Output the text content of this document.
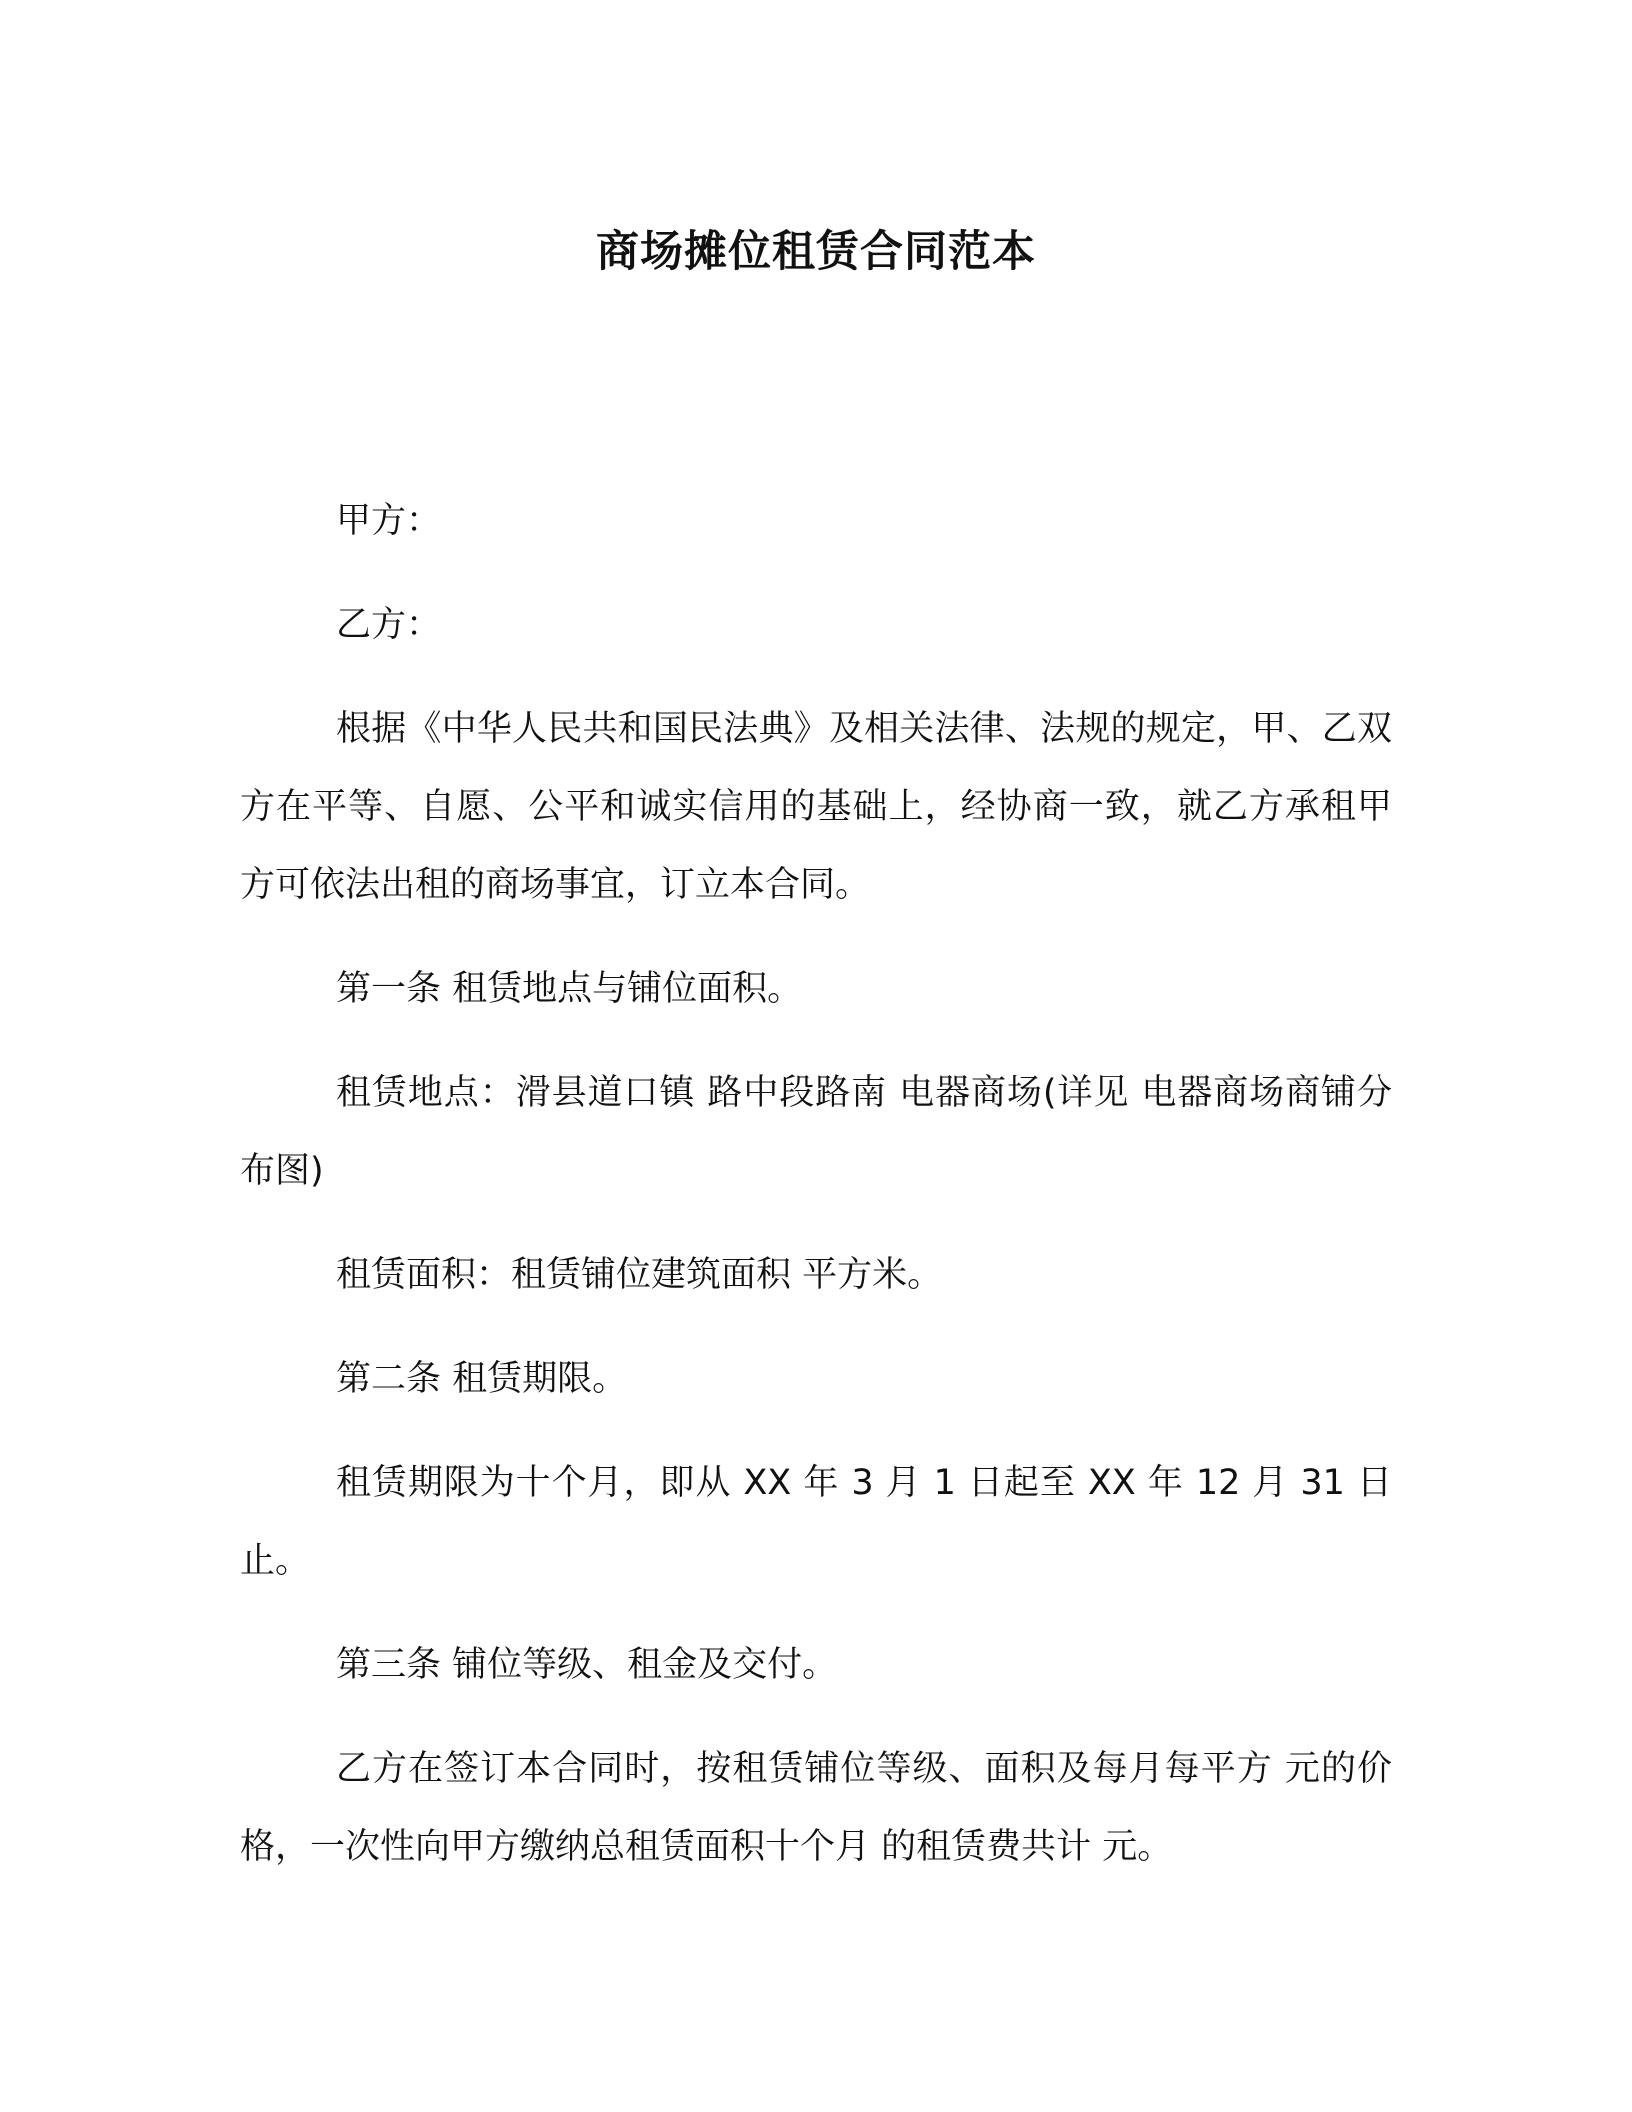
商场摊位租赁合同范本

甲方：

乙方：

根据《中华人民共和国民法典》及相关法律、法规的规定，甲、乙双方在平等、自愿、公平和诚实信用的基础上，经协商一致，就乙方承租甲方可依法出租的商场事宜，订立本合同。

第一条 租赁地点与铺位面积。

租赁地点：滑县道口镇 路中段路南 电器商场(详见 电器商场商铺分布图)

租赁面积：租赁铺位建筑面积 平方米。

第二条 租赁期限。

租赁期限为十个月，即从 XX 年 3 月 1 日起至 XX 年 12 月 31 日止。

第三条 铺位等级、租金及交付。

乙方在签订本合同时，按租赁铺位等级、面积及每月每平方 元的价格，一次性向甲方缴纳总租赁面积十个月 的租赁费共计 元。
